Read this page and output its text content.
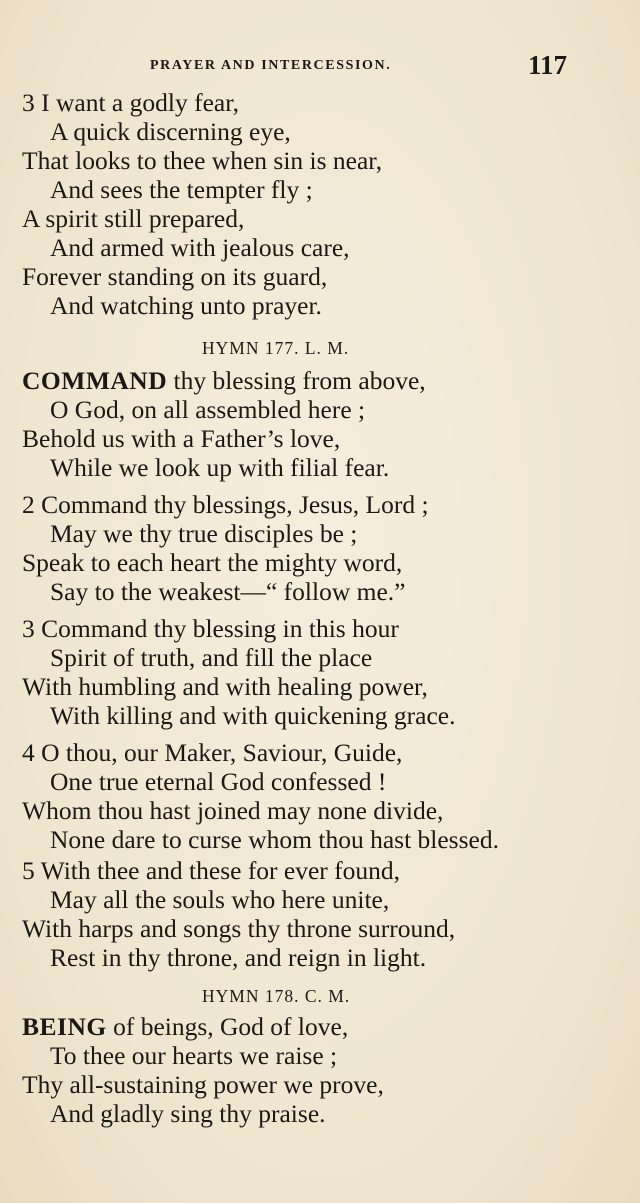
PRAYER AND INTERCESSION.	117
3 I want a godly fear,
A quick discerning eye,
That looks to thee when sin is near,
And sees the tempter fly ;
A spirit still prepared,
And armed with jealous care,
Forever standing on its guard,
And watching unto prayer.
HYMN 177. L. M.
COMMAND thy blessing from above,
O God, on all assembled here ;
Behold us with a Father’s love,
While we look up with filial fear.
2 Command thy blessings, Jesus, Lord ;
May we thy true disciples be ;
Speak to each heart the mighty word,
Say to the weakest—“ follow me.”
3 Command thy blessing in this hour
Spirit of truth, and fill the place
With humbling and with healing power,
With killing and with quickening grace.
4 O thou, our Maker, Saviour, Guide,
One true eternal God confessed !
Whom thou hast joined may none divide,
None dare to curse whom thou hast blessed.
5 With thee and these for ever found,
May all the souls who here unite,
With harps and songs thy throne surround,
Rest in thy throne, and reign in light.
HYMN 178. C. M.
BEING of beings, God of love,
To thee our hearts we raise ;
Thy all-sustaining power we prove,
And gladly sing thy praise.
